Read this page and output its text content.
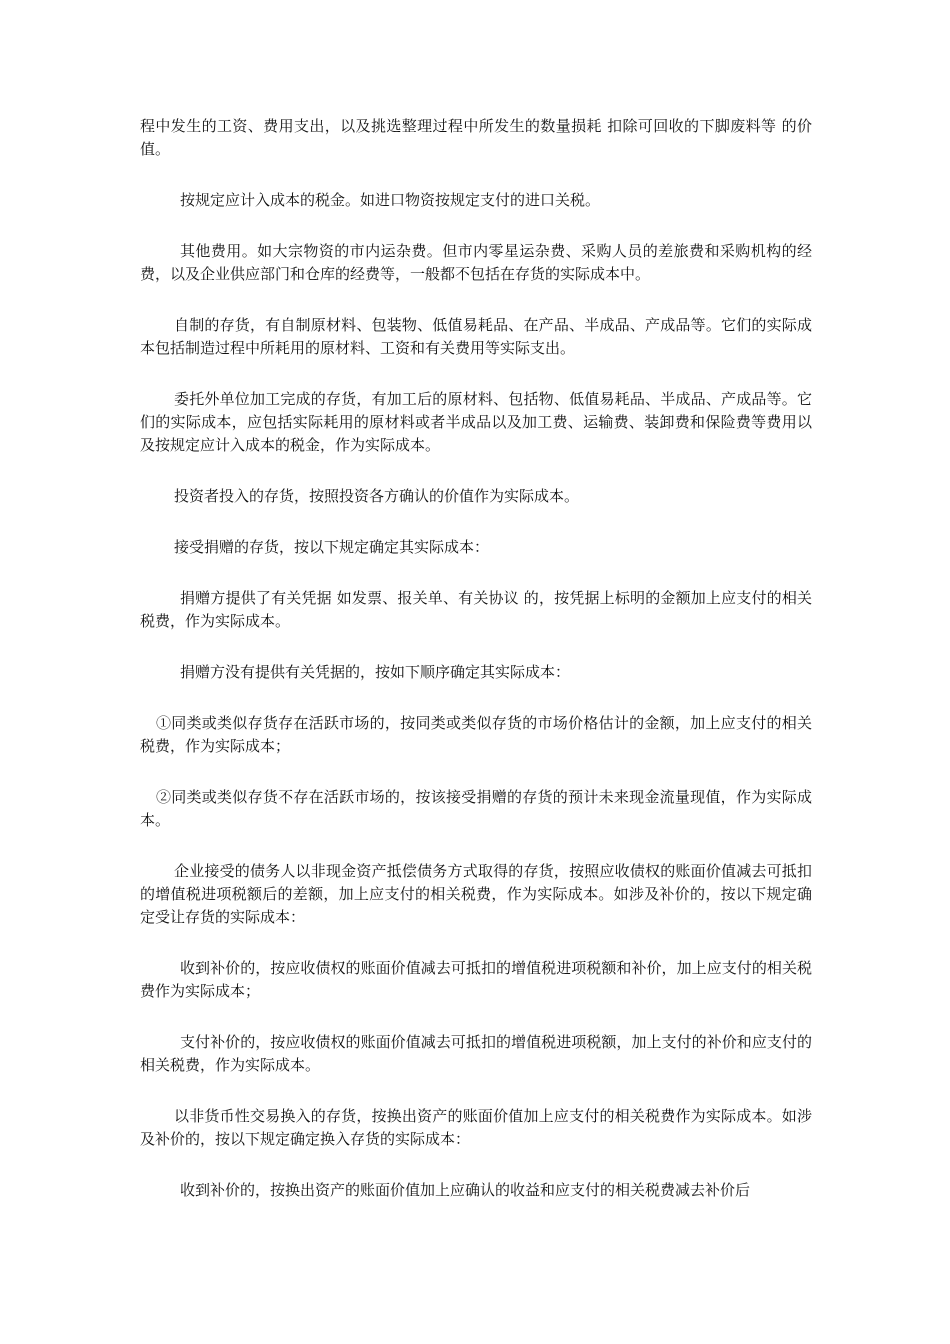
程中发生的工资、费用支出，以及挑选整理过程中所发生的数量损耗 扣除可回收的下脚废料等 的价值。

按规定应计入成本的税金。如进口物资按规定支付的进口关税。

其他费用。如大宗物资的市内运杂费。但市内零星运杂费、采购人员的差旅费和采购机构的经费，以及企业供应部门和仓库的经费等，一般都不包括在存货的实际成本中。

自制的存货，有自制原材料、包装物、低值易耗品、在产品、半成品、产成品等。它们的实际成本包括制造过程中所耗用的原材料、工资和有关费用等实际支出。

委托外单位加工完成的存货，有加工后的原材料、包括物、低值易耗品、半成品、产成品等。它们的实际成本，应包括实际耗用的原材料或者半成品以及加工费、运输费、装卸费和保险费等费用以及按规定应计入成本的税金，作为实际成本。

投资者投入的存货，按照投资各方确认的价值作为实际成本。

接受捐赠的存货，按以下规定确定其实际成本：

捐赠方提供了有关凭据 如发票、报关单、有关协议 的，按凭据上标明的金额加上应支付的相关税费，作为实际成本。

捐赠方没有提供有关凭据的，按如下顺序确定其实际成本：

①同类或类似存货存在活跃市场的，按同类或类似存货的市场价格估计的金额，加上应支付的相关税费，作为实际成本；

②同类或类似存货不存在活跃市场的，按该接受捐赠的存货的预计未来现金流量现值，作为实际成本。

企业接受的债务人以非现金资产抵偿债务方式取得的存货，按照应收债权的账面价值减去可抵扣的增值税进项税额后的差额，加上应支付的相关税费，作为实际成本。如涉及补价的，按以下规定确定受让存货的实际成本：

收到补价的，按应收债权的账面价值减去可抵扣的增值税进项税额和补价，加上应支付的相关税费作为实际成本；

支付补价的，按应收债权的账面价值减去可抵扣的增值税进项税额，加上支付的补价和应支付的相关税费，作为实际成本。

以非货币性交易换入的存货，按换出资产的账面价值加上应支付的相关税费作为实际成本。如涉及补价的，按以下规定确定换入存货的实际成本：

收到补价的，按换出资产的账面价值加上应确认的收益和应支付的相关税费减去补价后
